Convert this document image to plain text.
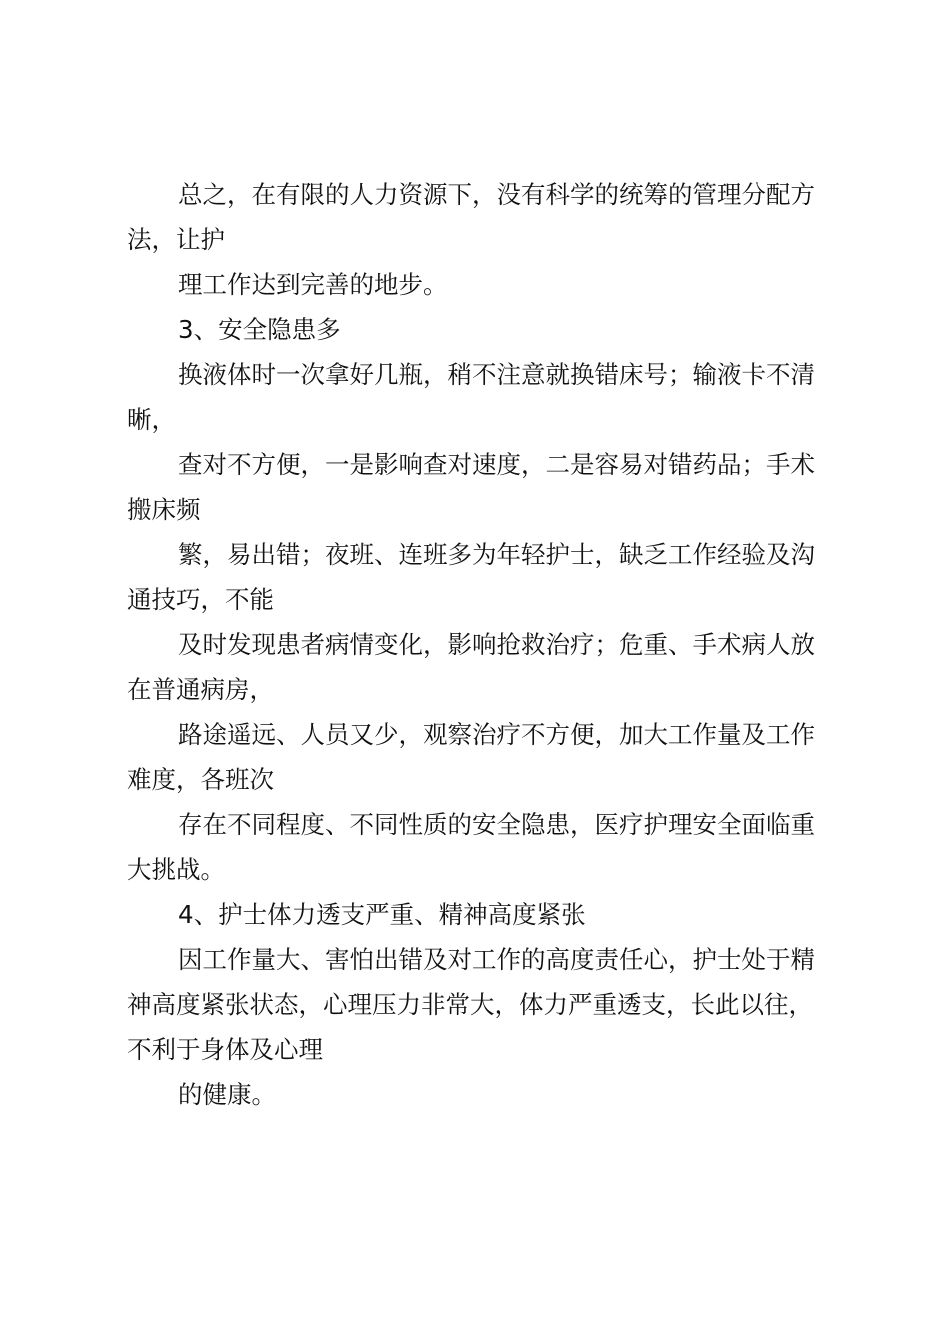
总之，在有限的人力资源下，没有科学的统筹的管理分配方法，让护

理工作达到完善的地步。

3、安全隐患多

换液体时一次拿好几瓶，稍不注意就换错床号；输液卡不清晰，

查对不方便，一是影响查对速度，二是容易对错药品；手术搬床频

繁，易出错；夜班、连班多为年轻护士，缺乏工作经验及沟通技巧，不能

及时发现患者病情变化，影响抢救治疗；危重、手术病人放在普通病房，

路途遥远、人员又少，观察治疗不方便，加大工作量及工作难度，各班次

存在不同程度、不同性质的安全隐患，医疗护理安全面临重大挑战。

4、护士体力透支严重、精神高度紧张

因工作量大、害怕出错及对工作的高度责任心，护士处于精神高度紧张状态，心理压力非常大，体力严重透支，长此以往，不利于身体及心理

的健康。
